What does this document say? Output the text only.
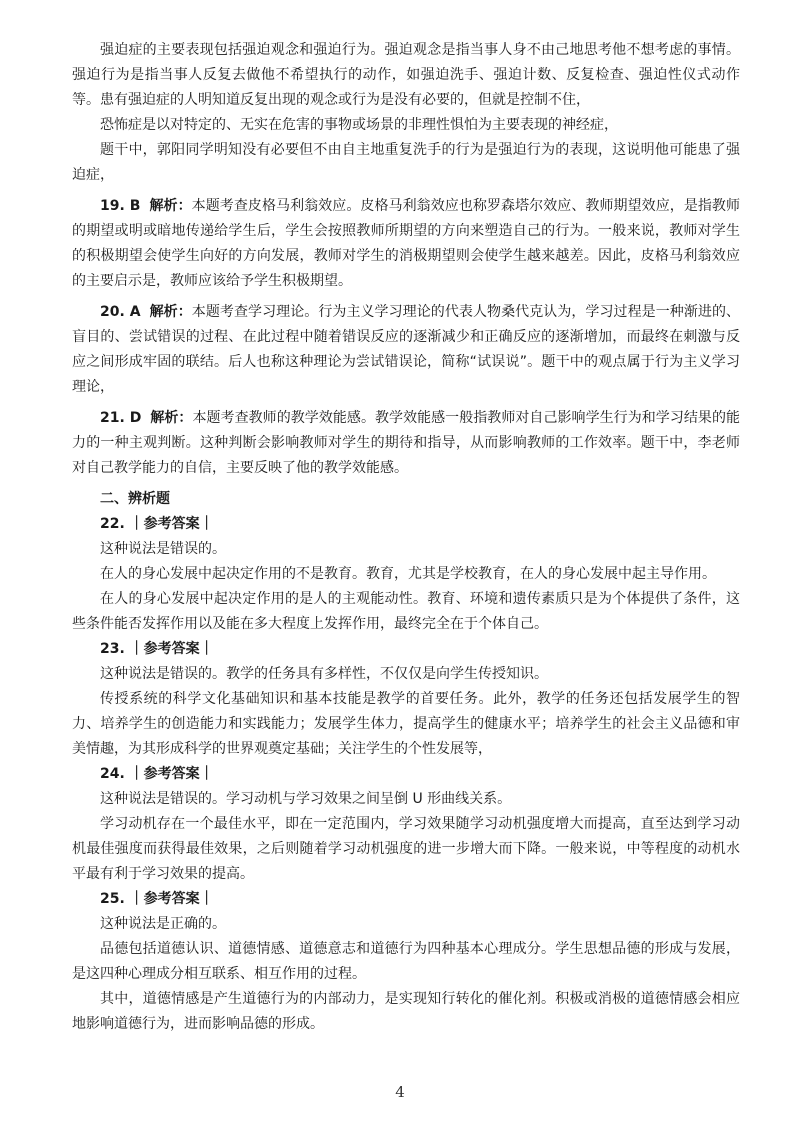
强迫症的主要表现包括强迫观念和强迫行为。强迫观念是指当事人身不由己地思考他不想考虑的事情。强迫行为是指当事人反复去做他不希望执行的动作，如强迫洗手、强迫计数、反复检查、强迫性仪式动作等。患有强迫症的人明知道反复出现的观念或行为是没有必要的，但就是控制不住，

恐怖症是以对特定的、无实在危害的事物或场景的非理性惧怕为主要表现的神经症，

题干中，郭阳同学明知没有必要但不由自主地重复洗手的行为是强迫行为的表现，这说明他可能患了强迫症，

19. B 解析：本题考查皮格马利翁效应。皮格马利翁效应也称罗森塔尔效应、教师期望效应，是指教师的期望或明或暗地传递给学生后，学生会按照教师所期望的方向来塑造自己的行为。一般来说，教师对学生的积极期望会使学生向好的方向发展，教师对学生的消极期望则会使学生越来越差。因此，皮格马利翁效应的主要启示是，教师应该给予学生积极期望。

20. A 解析：本题考查学习理论。行为主义学习理论的代表人物桑代克认为，学习过程是一种渐进的、盲目的、尝试错误的过程、在此过程中随着错误反应的逐渐减少和正确反应的逐渐增加，而最终在刺激与反应之间形成牢固的联结。后人也称这种理论为尝试错误论，简称“试误说”。题干中的观点属于行为主义学习理论，

21. D 解析：本题考查教师的教学效能感。教学效能感一般指教师对自己影响学生行为和学习结果的能力的一种主观判断。这种判断会影响教师对学生的期待和指导，从而影响教师的工作效率。题干中，李老师对自己教学能力的自信，主要反映了他的教学效能感。

二、辨析题

22. ｜参考答案｜

这种说法是错误的。

在人的身心发展中起决定作用的不是教育。教育，尤其是学校教育，在人的身心发展中起主导作用。

在人的身心发展中起决定作用的是人的主观能动性。教育、环境和遗传素质只是为个体提供了条件，这些条件能否发挥作用以及能在多大程度上发挥作用，最终完全在于个体自己。

23. ｜参考答案｜

这种说法是错误的。教学的任务具有多样性，不仅仅是向学生传授知识。

传授系统的科学文化基础知识和基本技能是教学的首要任务。此外，教学的任务还包括发展学生的智力、培养学生的创造能力和实践能力；发展学生体力，提高学生的健康水平；培养学生的社会主义品德和审美情趣，为其形成科学的世界观奠定基础；关注学生的个性发展等，

24. ｜参考答案｜

这种说法是错误的。学习动机与学习效果之间呈倒 U 形曲线关系。

学习动机存在一个最佳水平，即在一定范围内，学习效果随学习动机强度增大而提高，直至达到学习动机最佳强度而获得最佳效果，之后则随着学习动机强度的进一步增大而下降。一般来说，中等程度的动机水平最有利于学习效果的提高。

25. ｜参考答案｜

这种说法是正确的。

品德包括道德认识、道德情感、道德意志和道德行为四种基本心理成分。学生思想品德的形成与发展，是这四种心理成分相互联系、相互作用的过程。

其中，道德情感是产生道德行为的内部动力，是实现知行转化的催化剂。积极或消极的道德情感会相应地影响道德行为，进而影响品德的形成。

4
